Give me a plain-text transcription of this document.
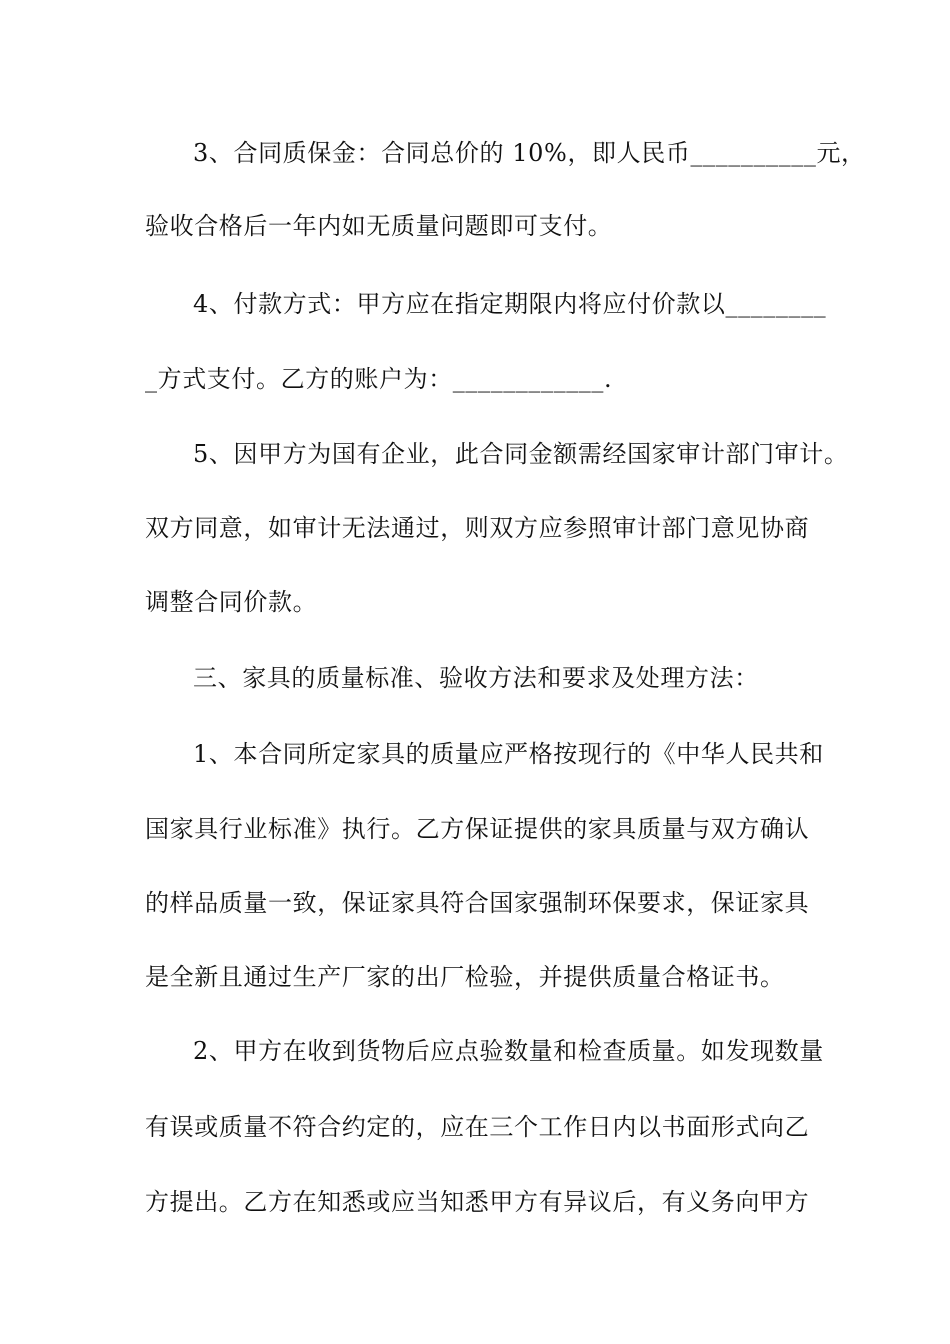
3、合同质保金：合同总价的 10%，即人民币__________元，
验收合格后一年内如无质量问题即可支付。
4、付款方式：甲方应在指定期限内将应付价款以________
_方式支付。乙方的账户为：____________.
5、因甲方为国有企业，此合同金额需经国家审计部门审计。
双方同意，如审计无法通过，则双方应参照审计部门意见协商
调整合同价款。
三、家具的质量标准、验收方法和要求及处理方法：
1、本合同所定家具的质量应严格按现行的《中华人民共和
国家具行业标准》执行。乙方保证提供的家具质量与双方确认
的样品质量一致，保证家具符合国家强制环保要求，保证家具
是全新且通过生产厂家的出厂检验，并提供质量合格证书。
2、甲方在收到货物后应点验数量和检查质量。如发现数量
有误或质量不符合约定的，应在三个工作日内以书面形式向乙
方提出。乙方在知悉或应当知悉甲方有异议后，有义务向甲方
